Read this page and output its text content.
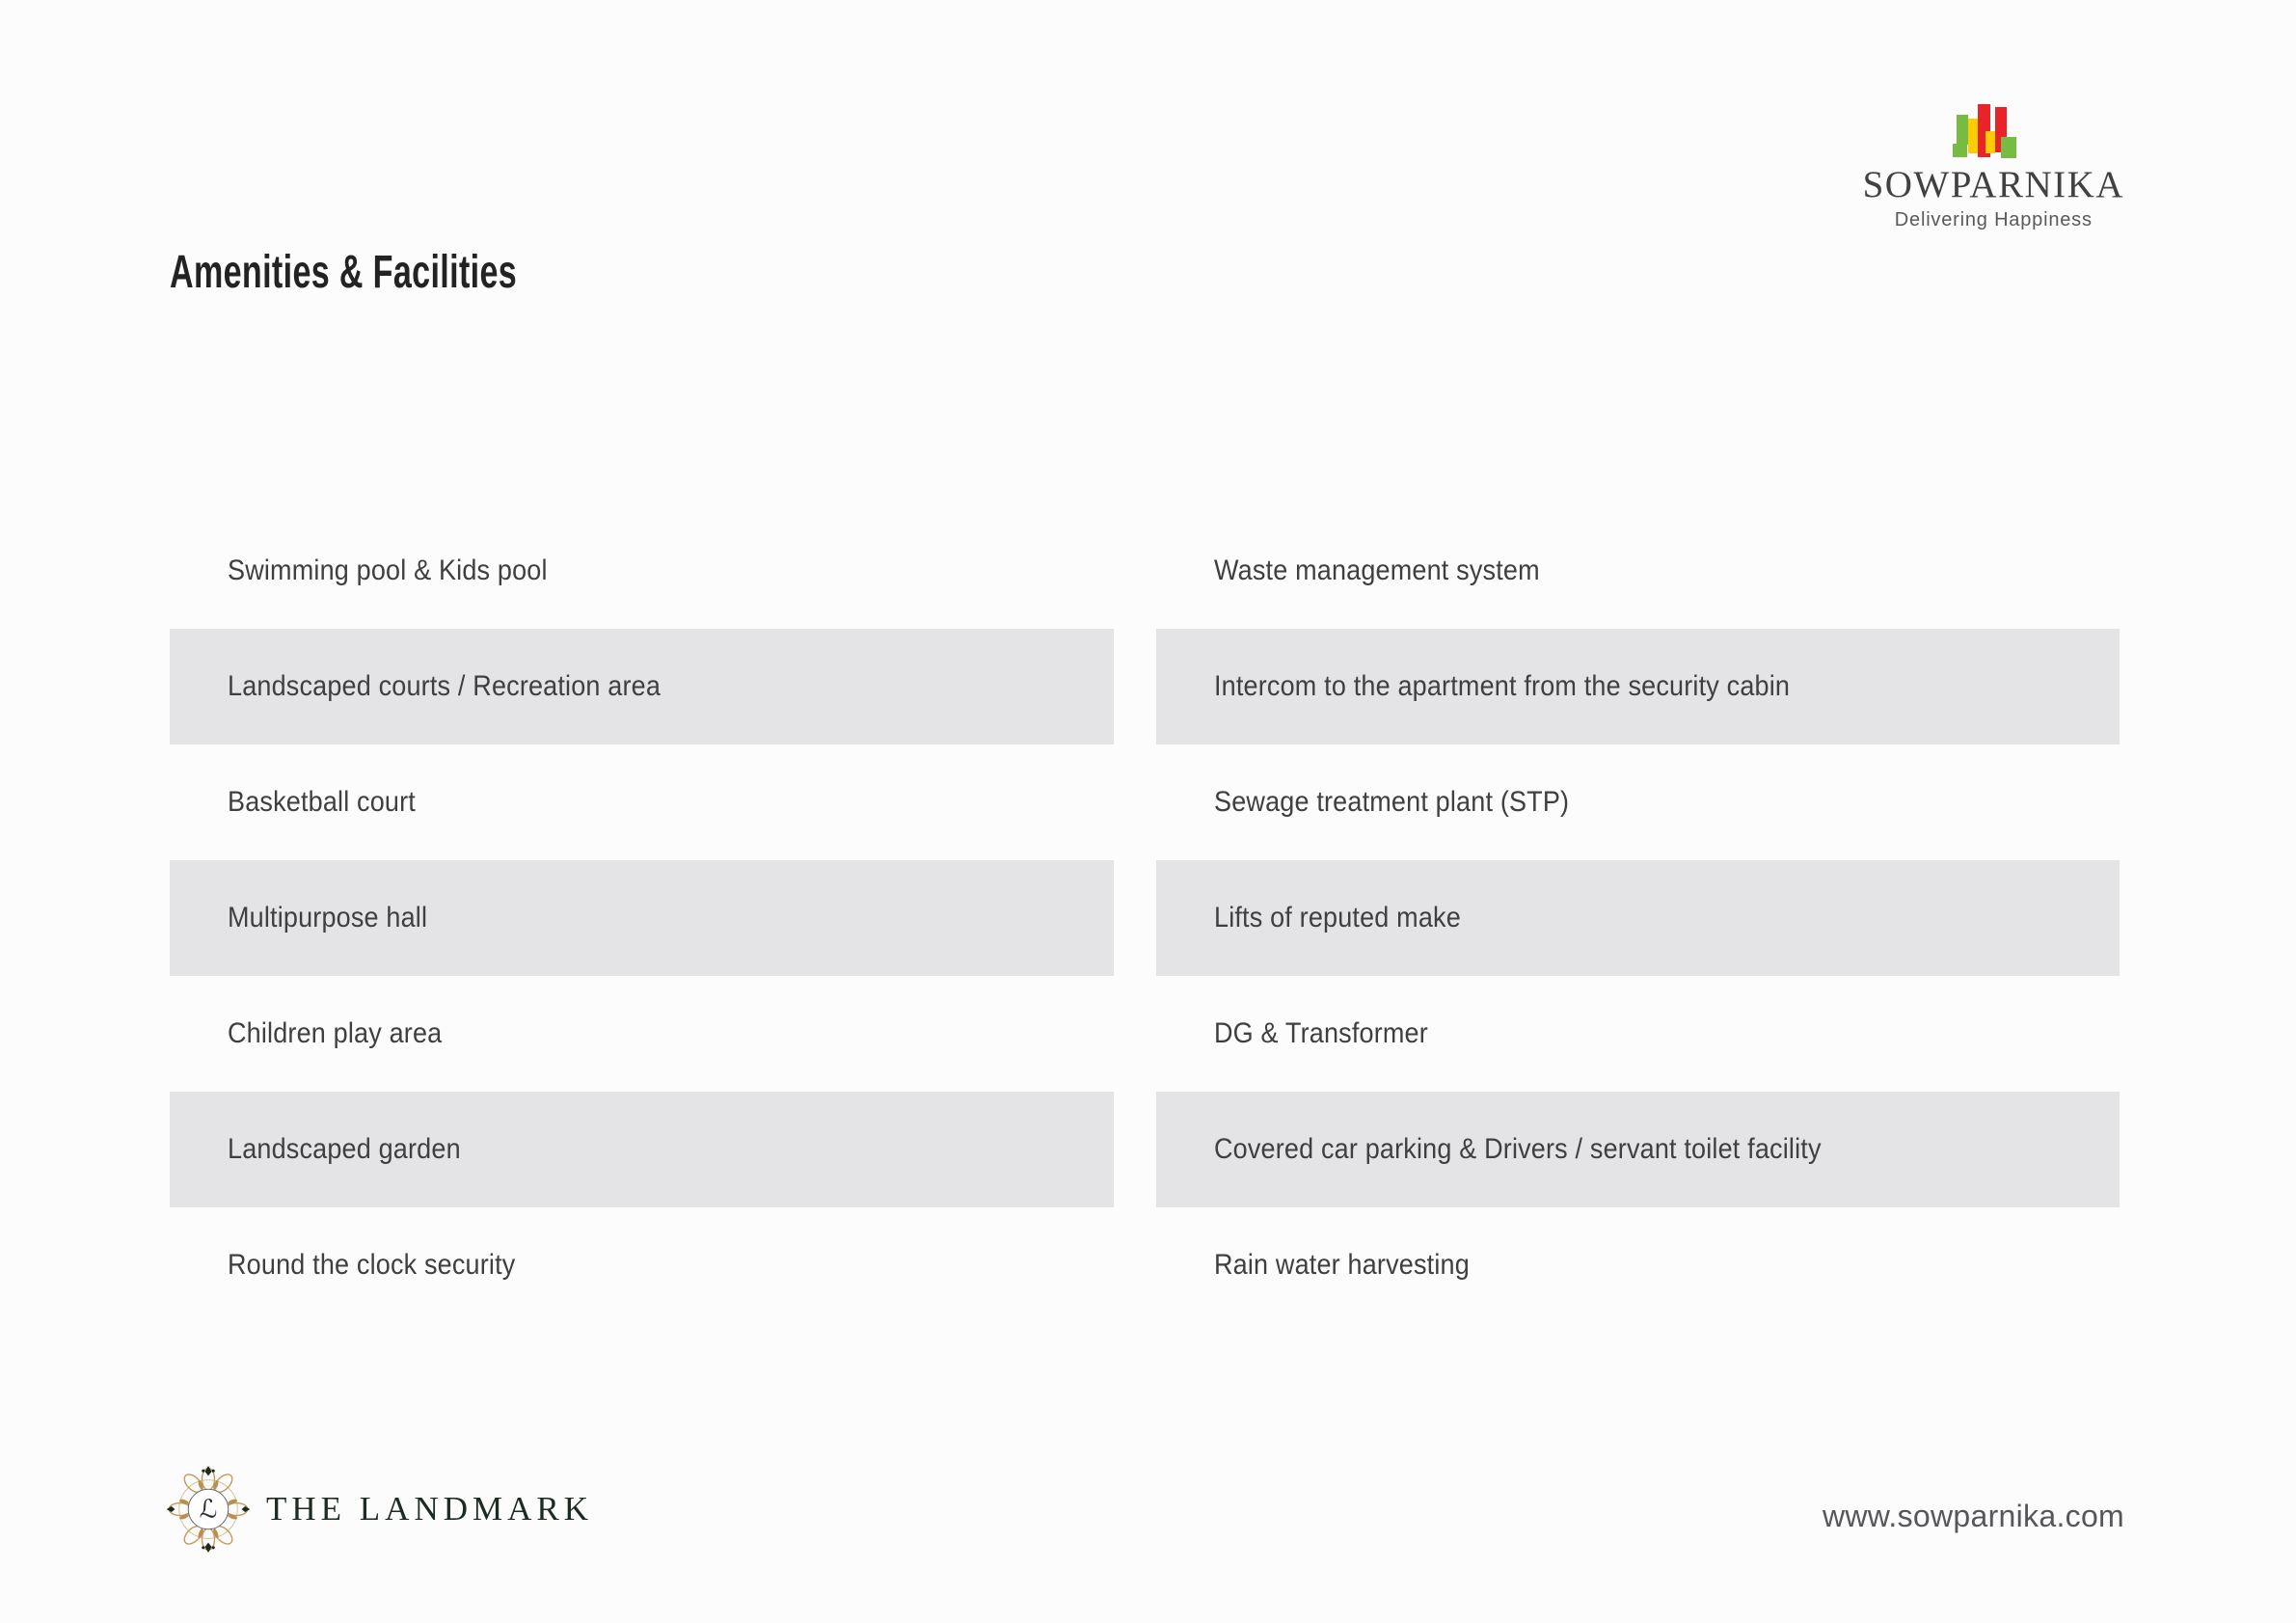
SOWPARNIKA
Delivering Happiness
Amenities & Facilities
Swimming pool & Kids pool
Landscaped courts / Recreation area
Basketball court
Multipurpose hall
Children play area
Landscaped garden
Round the clock security
Waste management system
Intercom to the apartment from the security cabin
Sewage treatment plant (STP)
Lifts of reputed make
DG & Transformer
Covered car parking & Drivers / servant toilet facility
Rain water harvesting
ℒ THE LANDMARK	www.sowparnika.com
